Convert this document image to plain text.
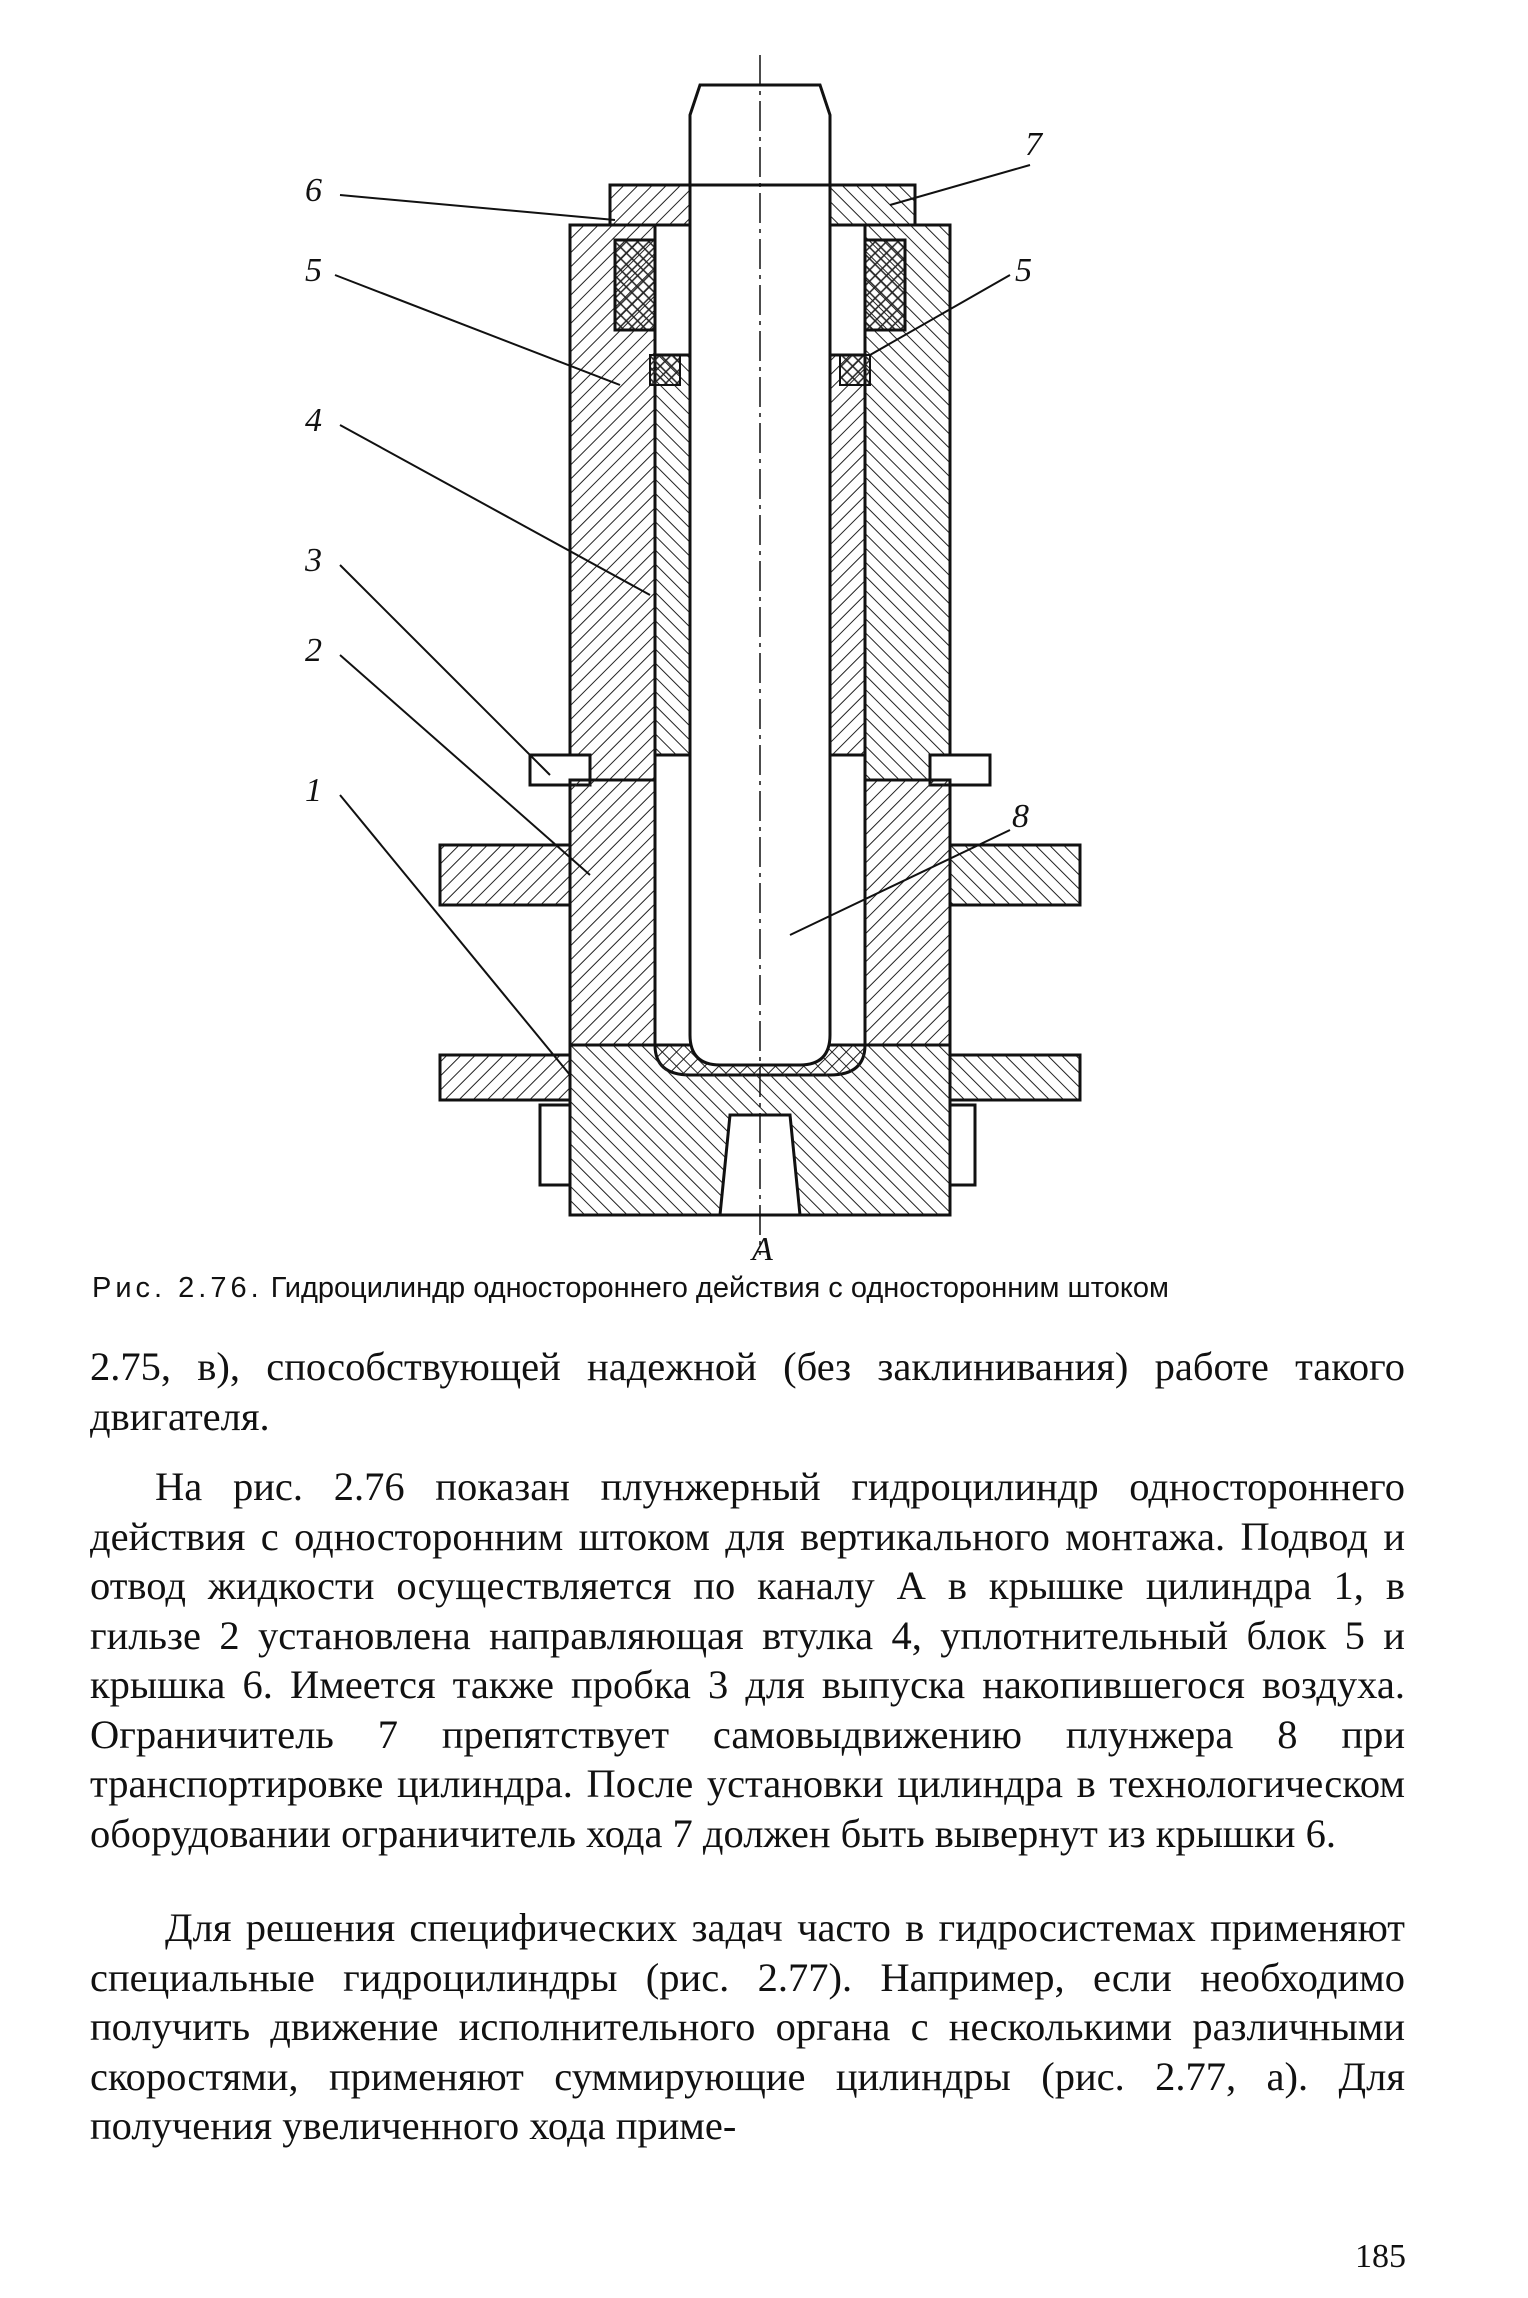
6
5
7
5
4
3
2
1
8
A
Рис. 2.76. Гидроцилиндр одностороннего действия с односторонним штоком

2.75, в), способствующей надежной (без заклинивания) работе такого двигателя.

На рис. 2.76 показан плунжерный гидроцилиндр одностороннего действия с односторонним штоком для вертикального монтажа. Подвод и отвод жидкости осуществляется по каналу А в крышке цилиндра 1, в гильзе 2 установлена направляющая втулка 4, уплотнительный блок 5 и крышка 6. Имеется также пробка 3 для выпуска накопившегося воздуха. Ограничитель 7 препятствует самовыдвижению плунжера 8 при транспортировке цилиндра. После установки цилиндра в технологическом оборудовании ограничитель хода 7 должен быть вывернут из крышки 6.

Для решения специфических задач часто в гидросистемах применяют специальные гидроцилиндры (рис. 2.77). Например, если необходимо получить движение исполнительного органа с несколькими различными скоростями, применяют суммирующие цилиндры (рис. 2.77, а). Для получения увеличенного хода приме-

185
